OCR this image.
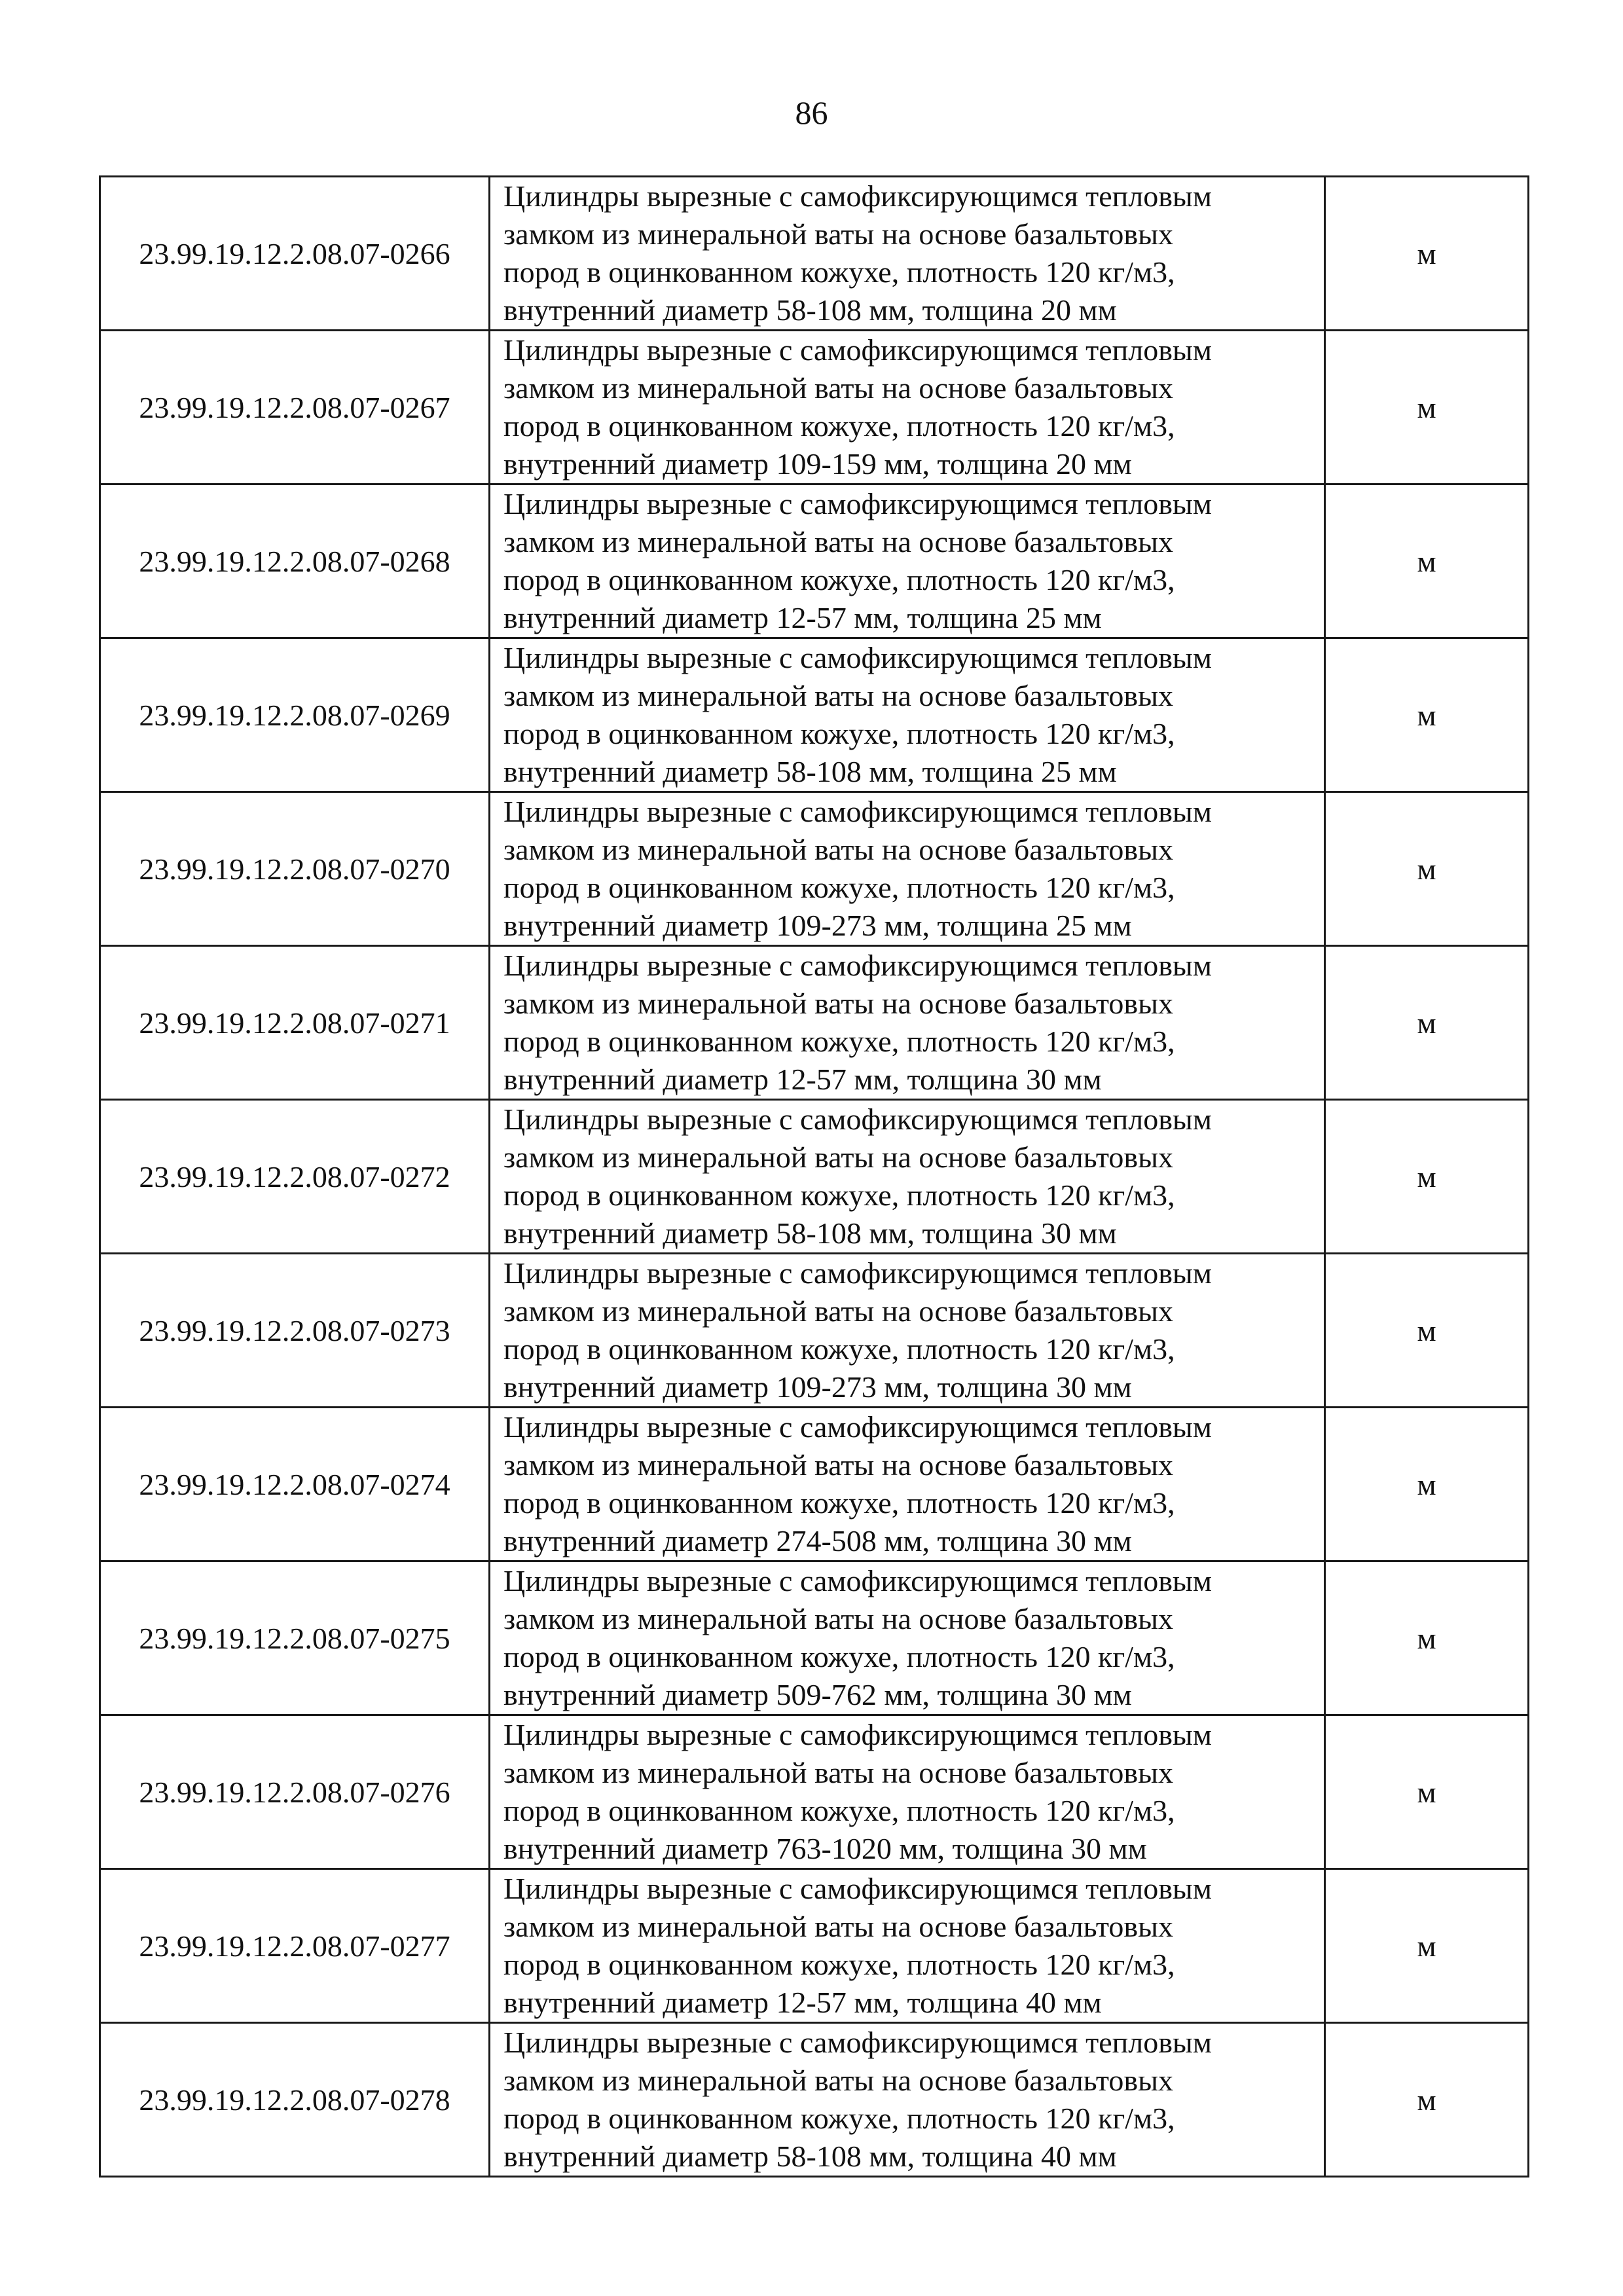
86
23.99.19.12.2.08.07-0266	Цилиндры вырезные с самофиксирующимся тепловым
замком из минеральной ваты на основе базальтовых
пород в оцинкованном кожухе, плотность 120 кг/м3,
внутренний диаметр 58-108 мм, толщина 20 мм	м
23.99.19.12.2.08.07-0267	Цилиндры вырезные с самофиксирующимся тепловым
замком из минеральной ваты на основе базальтовых
пород в оцинкованном кожухе, плотность 120 кг/м3,
внутренний диаметр 109-159 мм, толщина 20 мм	м
23.99.19.12.2.08.07-0268	Цилиндры вырезные с самофиксирующимся тепловым
замком из минеральной ваты на основе базальтовых
пород в оцинкованном кожухе, плотность 120 кг/м3,
внутренний диаметр 12-57 мм, толщина 25 мм	м
23.99.19.12.2.08.07-0269	Цилиндры вырезные с самофиксирующимся тепловым
замком из минеральной ваты на основе базальтовых
пород в оцинкованном кожухе, плотность 120 кг/м3,
внутренний диаметр 58-108 мм, толщина 25 мм	м
23.99.19.12.2.08.07-0270	Цилиндры вырезные с самофиксирующимся тепловым
замком из минеральной ваты на основе базальтовых
пород в оцинкованном кожухе, плотность 120 кг/м3,
внутренний диаметр 109-273 мм, толщина 25 мм	м
23.99.19.12.2.08.07-0271	Цилиндры вырезные с самофиксирующимся тепловым
замком из минеральной ваты на основе базальтовых
пород в оцинкованном кожухе, плотность 120 кг/м3,
внутренний диаметр 12-57 мм, толщина 30 мм	м
23.99.19.12.2.08.07-0272	Цилиндры вырезные с самофиксирующимся тепловым
замком из минеральной ваты на основе базальтовых
пород в оцинкованном кожухе, плотность 120 кг/м3,
внутренний диаметр 58-108 мм, толщина 30 мм	м
23.99.19.12.2.08.07-0273	Цилиндры вырезные с самофиксирующимся тепловым
замком из минеральной ваты на основе базальтовых
пород в оцинкованном кожухе, плотность 120 кг/м3,
внутренний диаметр 109-273 мм, толщина 30 мм	м
23.99.19.12.2.08.07-0274	Цилиндры вырезные с самофиксирующимся тепловым
замком из минеральной ваты на основе базальтовых
пород в оцинкованном кожухе, плотность 120 кг/м3,
внутренний диаметр 274-508 мм, толщина 30 мм	м
23.99.19.12.2.08.07-0275	Цилиндры вырезные с самофиксирующимся тепловым
замком из минеральной ваты на основе базальтовых
пород в оцинкованном кожухе, плотность 120 кг/м3,
внутренний диаметр 509-762 мм, толщина 30 мм	м
23.99.19.12.2.08.07-0276	Цилиндры вырезные с самофиксирующимся тепловым
замком из минеральной ваты на основе базальтовых
пород в оцинкованном кожухе, плотность 120 кг/м3,
внутренний диаметр 763-1020 мм, толщина 30 мм	м
23.99.19.12.2.08.07-0277	Цилиндры вырезные с самофиксирующимся тепловым
замком из минеральной ваты на основе базальтовых
пород в оцинкованном кожухе, плотность 120 кг/м3,
внутренний диаметр 12-57 мм, толщина 40 мм	м
23.99.19.12.2.08.07-0278	Цилиндры вырезные с самофиксирующимся тепловым
замком из минеральной ваты на основе базальтовых
пород в оцинкованном кожухе, плотность 120 кг/м3,
внутренний диаметр 58-108 мм, толщина 40 мм	м
